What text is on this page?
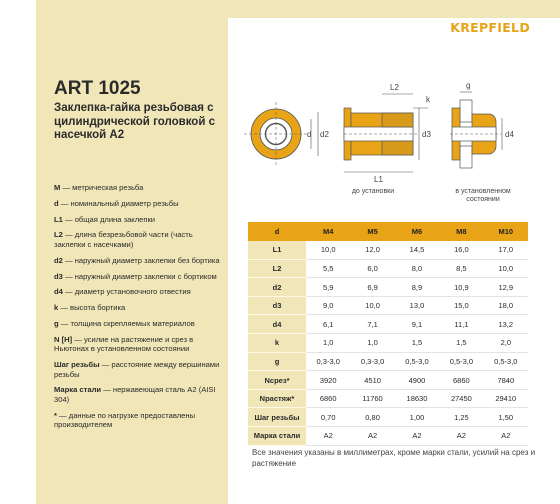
KREPFIELD
ART 1025
Заклепка-гайка резьбовая с цилиндрической головкой с насечкой А2
M — метрическая резьба
d — номинальный диаметр резьбы
L1 — общая длина заклепки
L2 — длина безрезьбовой части (часть заклепки с насечками)
d2 — наружный диаметр заклепки без бортика
d3 — наружный диаметр заклепки с бортиком
d4 — диаметр установочного отвестия
k — высота бортика
g — толщина скрепляемых материалов
N [H] — усилие на растяжение и срез в Ньютонах в установленном состоянии
Шаг резьбы — расстояние между вершинами резьбы
Марка стали — нержавеющая сталь A2 (AISI 304)
* — данные по нагрузке предоставлены производителем
d d2
L2
L1
d3
k
g
d4
до установки	в установленном состоянии
d	M4	M5	M6	M8	M10
L1	10,0	12,0	14,5	16,0	17,0
L2	5,5	6,0	8,0	8,5	10,0
d2	5,9	6,9	8,9	10,9	12,9
d3	9,0	10,0	13,0	15,0	18,0
d4	6,1	7,1	9,1	11,1	13,2
k	1,0	1,0	1,5	1,5	2,0
g	0,3-3,0	0,3-3,0	0,5-3,0	0,5-3,0	0,5-3,0
Nсрез*	3920	4510	4900	6860	7840
Nрастяж*	6860	11760	18630	27450	29410
Шаг резьбы	0,70	0,80	1,00	1,25	1,50
Марка стали	A2	A2	A2	A2	A2
Все значения указаны в миллиметрах, кроме марки стали, усилий на срез и растяжение
